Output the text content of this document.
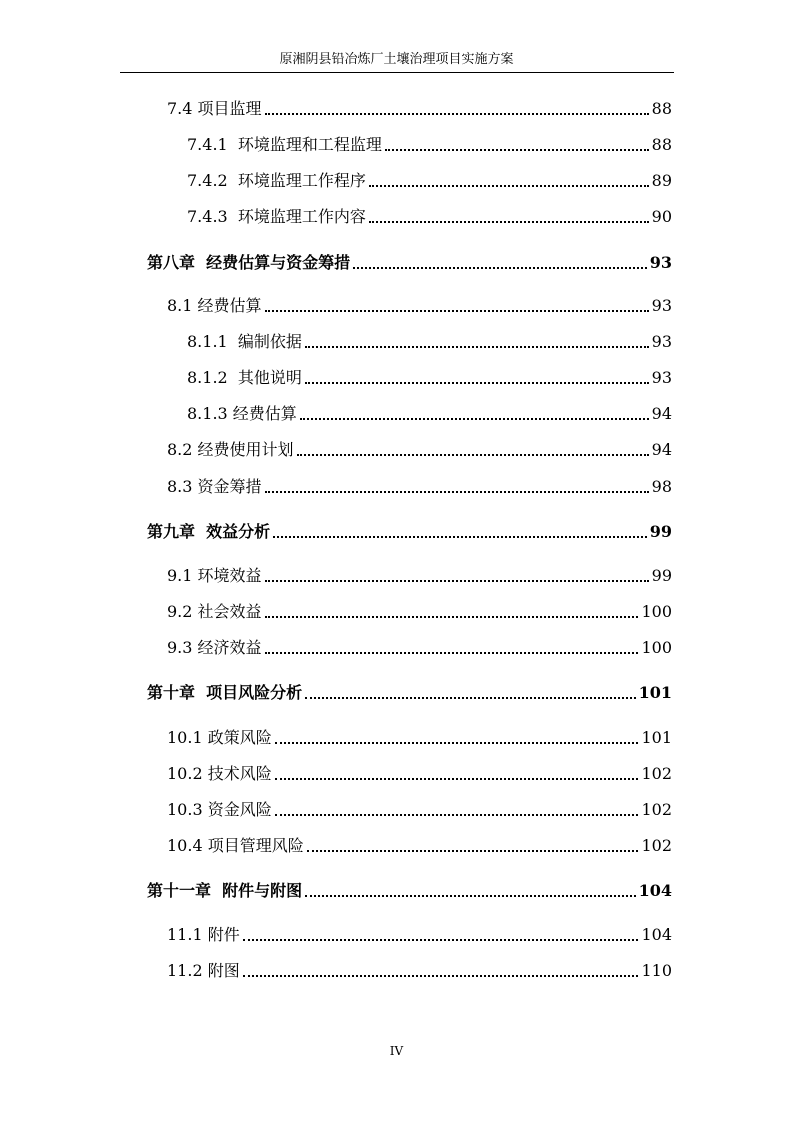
原湘阴县铅冶炼厂土壤治理项目实施方案
7.4 项目监理	88
7.4.1  环境监理和工程监理	88
7.4.2  环境监理工作程序	89
7.4.3  环境监理工作内容	90
第八章  经费估算与资金筹措	93
8.1 经费估算	93
8.1.1  编制依据	93
8.1.2  其他说明	93
8.1.3 经费估算	94
8.2 经费使用计划	94
8.3 资金筹措	98
第九章  效益分析	99
9.1 环境效益	99
9.2 社会效益	100
9.3 经济效益	100
第十章  项目风险分析	101
10.1 政策风险	101
10.2 技术风险	102
10.3 资金风险	102
10.4 项目管理风险	102
第十一章  附件与附图	104
11.1 附件	104
11.2 附图	110
IV
